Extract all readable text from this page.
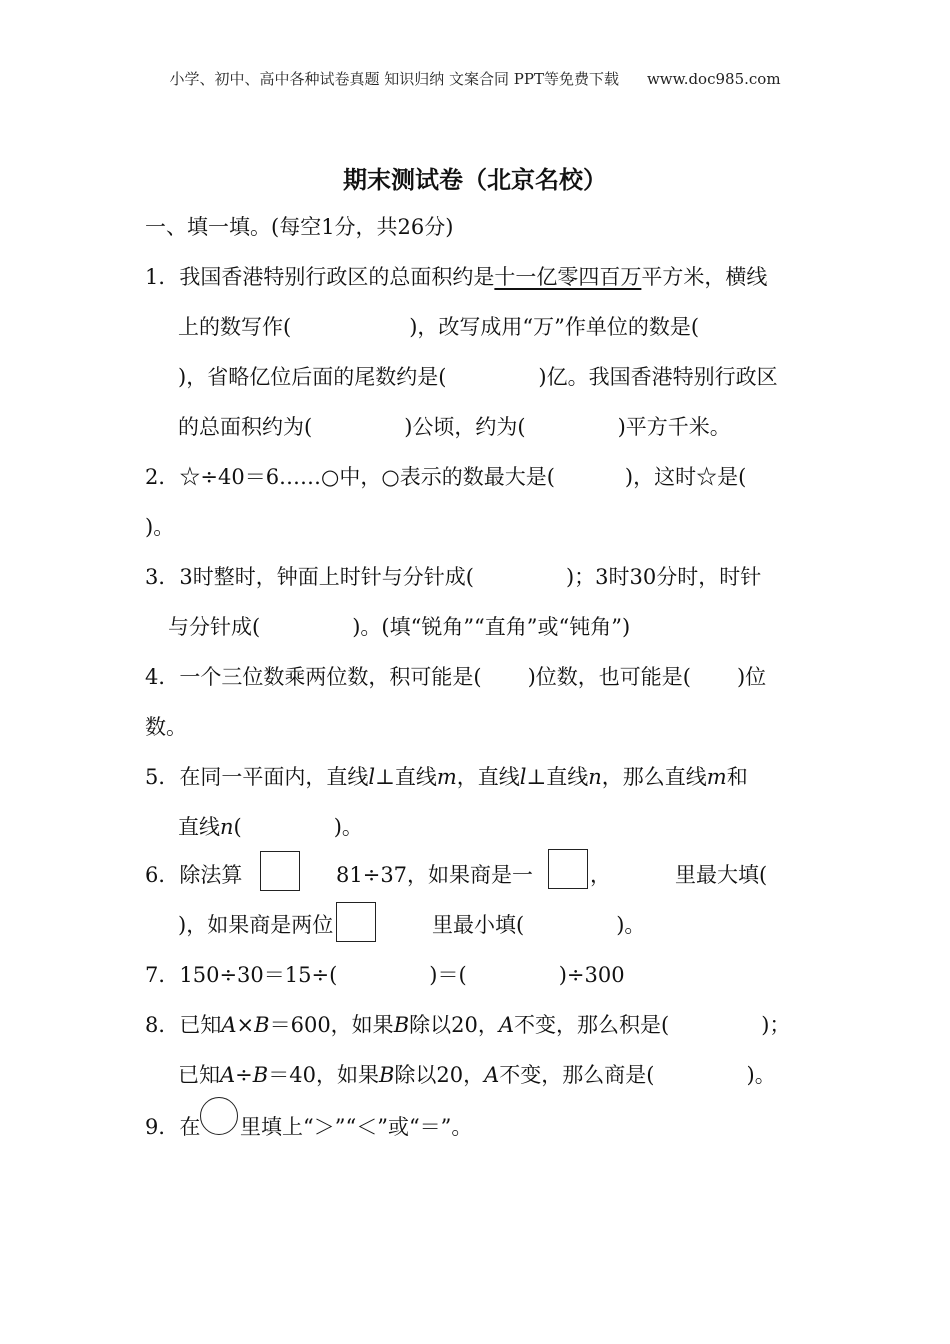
小学、初中、高中各种试卷真题 知识归纳 文案合同 PPT等免费下载 www.doc985.com
期末测试卷（北京名校）
一、填一填。(每空1分，共26分)
1．我国香港特别行政区的总面积约是十一亿零四百万平方米，横线
上的数写作(	)，改写成用“万”作单位的数是(
)，省略亿位后面的尾数约是(	)亿。我国香港特别行政区
的总面积约为(	)公顷，约为(	)平方千米。
2．☆÷40＝6……○中，○表示的数最大是(	)，这时☆是(
)。
3．3时整时，钟面上时针与分针成(	)；3时30分时，时针
与分针成(	)。(填“锐角”“直角”或“钝角”)
4．一个三位数乘两位数，积可能是( )位数，也可能是( )位
数。
5．在同一平面内，直线l⊥直线m，直线l⊥直线n，那么直线m和
直线n(	)。
6．除法算	81÷37，如果商是一	，	里最大填(
)，如果商是两位	里最小填(	)。
7．150÷30＝15÷(	)＝(	)÷300
8．已知A×B＝600，如果B除以20，A不变，那么积是(	)；
已知A÷B＝40，如果B除以20，A不变，那么商是(	)。
9．在 里填上“＞”“＜”或“＝”。
